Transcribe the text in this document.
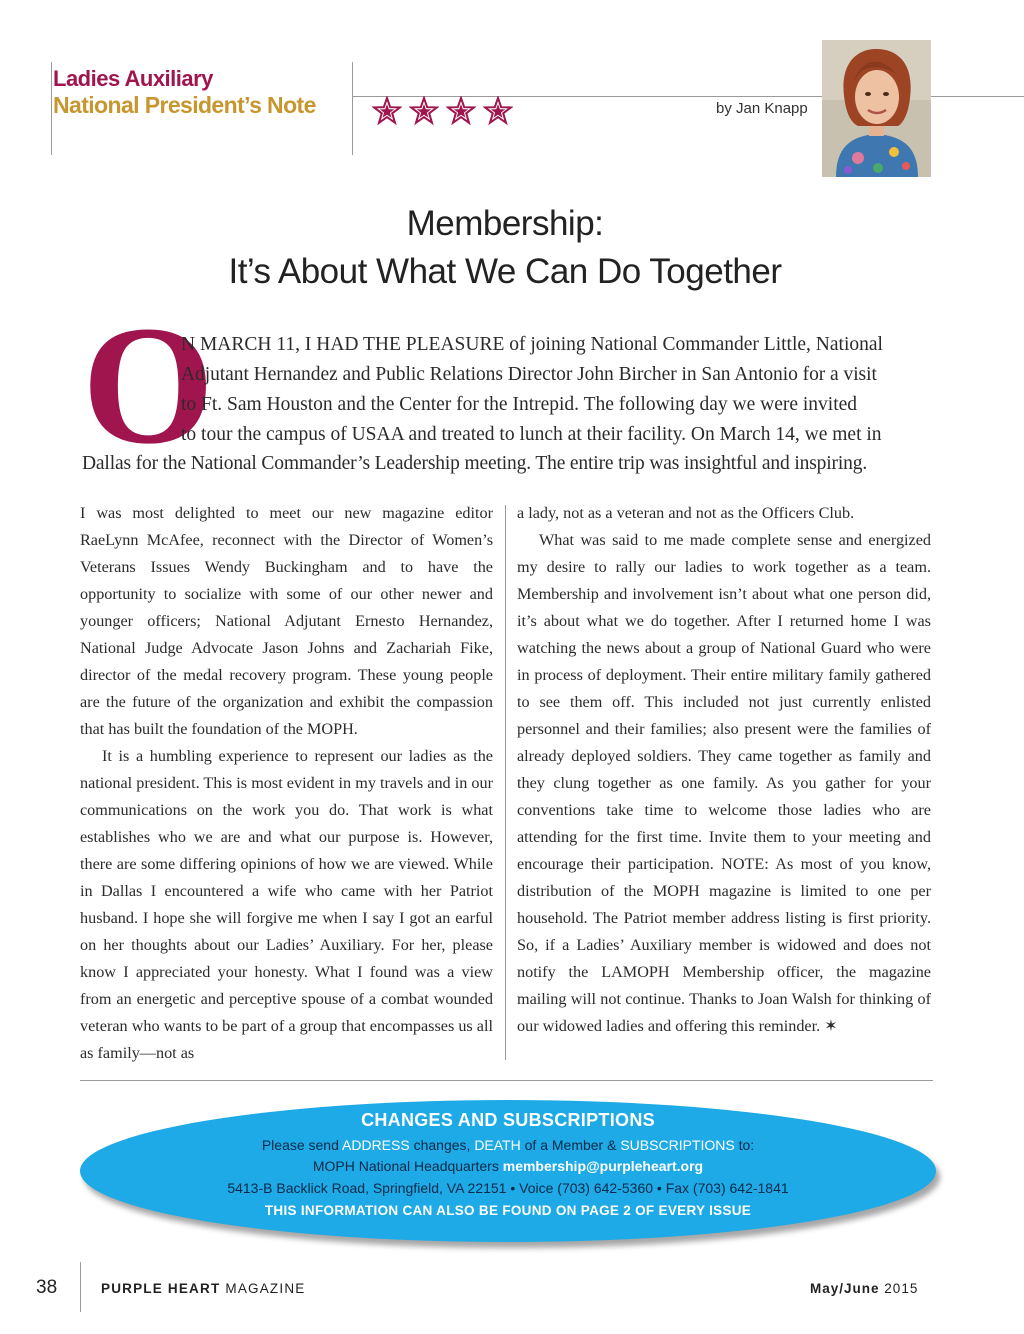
Ladies Auxiliary
National President’s Note	by Jan Knapp
Membership:
It’s About What We Can Do Together
O
N MARCH 11, I HAD THE PLEASURE of joining National Commander Little, National
Adjutant Hernandez and Public Relations Director John Bircher in San Antonio for a visit
to Ft. Sam Houston and the Center for the Intrepid. The following day we were invited
to tour the campus of USAA and treated to lunch at their facility. On March 14, we met in
Dallas for the National Commander’s Leadership meeting. The entire trip was insightful and inspiring.

I was most delighted to meet our new magazine editor RaeLynn McAfee, reconnect with the Director of Women’s Veterans Issues Wendy Buckingham and to have the opportunity to socialize with some of our other newer and younger officers; National Adjutant Ernesto Hernandez, National Judge Advocate Jason Johns and Zachariah Fike, director of the medal recovery program. These young people are the future of the organization and exhibit the compassion that has built the foundation of the MOPH.

It is a humbling experience to represent our ladies as the national president. This is most evident in my travels and in our communications on the work you do. That work is what establishes who we are and what our purpose is. However, there are some differing opinions of how we are viewed. While in Dallas I encountered a wife who came with her Patriot husband. I hope she will forgive me when I say I got an earful on her thoughts about our Ladies’ Auxiliary. For her, please know I appreciated your honesty. What I found was a view from an energetic and perceptive spouse of a combat wounded veteran who wants to be part of a group that encompasses us all as family—not as

a lady, not as a veteran and not as the Officers Club.

What was said to me made complete sense and energized my desire to rally our ladies to work together as a team. Membership and involvement isn’t about what one person did, it’s about what we do together. After I returned home I was watching the news about a group of National Guard who were in process of deployment. Their entire military family gathered to see them off. This included not just currently enlisted personnel and their families; also present were the families of already deployed soldiers. They came together as family and they clung together as one family. As you gather for your conventions take time to welcome those ladies who are attending for the first time. Invite them to your meeting and encourage their participation. NOTE: As most of you know, distribution of the MOPH magazine is limited to one per household. The Patriot member address listing is first priority. So, if a Ladies’ Auxiliary member is widowed and does not notify the LAMOPH Membership officer, the magazine mailing will not continue. Thanks to Joan Walsh for thinking of our widowed ladies and offering this reminder. ✶

CHANGES AND SUBSCRIPTIONS
Please send ADDRESS changes, DEATH of a Member & SUBSCRIPTIONS to:
MOPH National Headquarters membership@purpleheart.org
5413-B Backlick Road, Springfield, VA 22151 • Voice (703) 642-5360 • Fax (703) 642-1841
THIS INFORMATION CAN ALSO BE FOUND ON PAGE 2 OF EVERY ISSUE
38	PURPLE HEART MAGAZINE	May/June 2015
